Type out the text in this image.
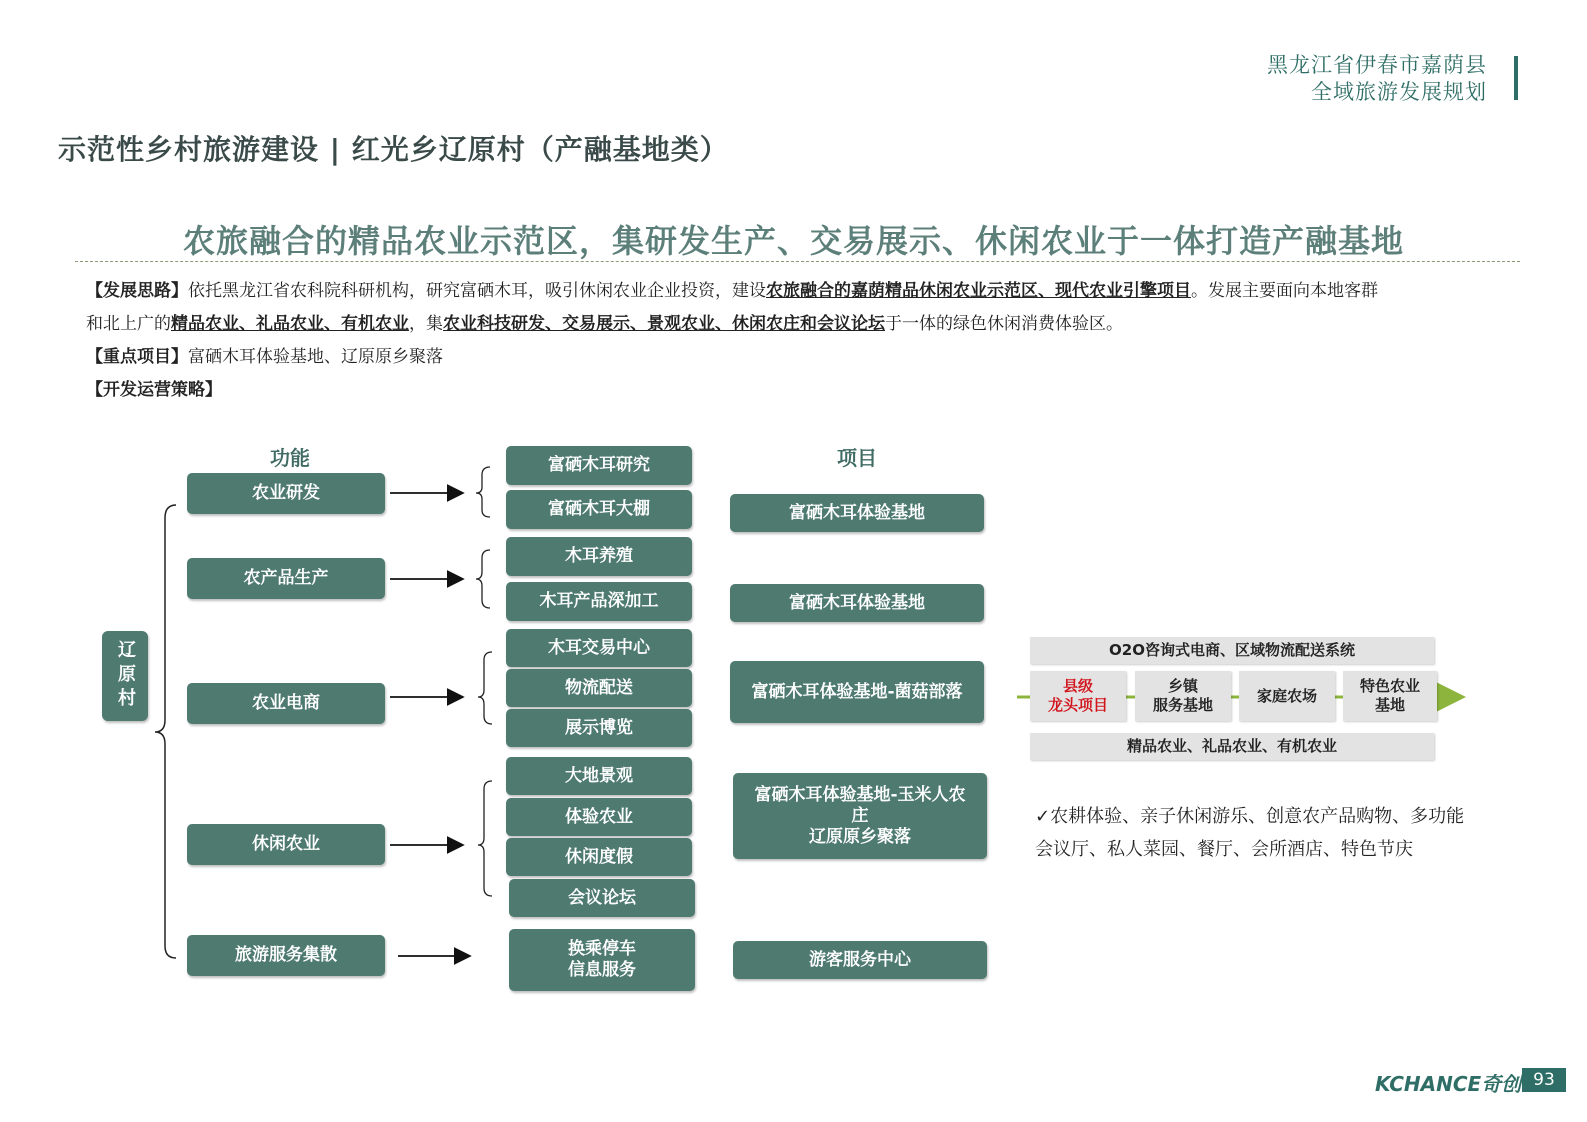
黑龙江省伊春市嘉荫县
全域旅游发展规划
示范性乡村旅游建设 | 红光乡辽原村（产融基地类）
农旅融合的精品农业示范区，集研发生产、交易展示、休闲农业于一体打造产融基地
【发展思路】依托黑龙江省农科院科研机构，研究富硒木耳，吸引休闲农业企业投资，建设农旅融合的嘉荫精品休闲农业示范区、现代农业引擎项目。发展主要面向本地客群
和北上广的精品农业、礼品农业、有机农业，集农业科技研发、交易展示、景观农业、休闲农庄和会议论坛于一体的绿色休闲消费体验区。
【重点项目】富硒木耳体验基地、辽原原乡聚落
【开发运营策略】
功能	项目
辽原村
农业研发
农产品生产
农业电商
休闲农业
旅游服务集散
富硒木耳研究
富硒木耳大棚
木耳养殖
木耳产品深加工
木耳交易中心
物流配送
展示博览
大地景观
体验农业
休闲度假
会议论坛
换乘停车
信息服务
富硒木耳体验基地
富硒木耳体验基地
富硒木耳体验基地-菌菇部落
富硒木耳体验基地-玉米人农庄
辽原原乡聚落
游客服务中心
O2O咨询式电商、区域物流配送系统
县级
龙头项目
乡镇
服务基地
家庭农场
特色农业
基地
精品农业、礼品农业、有机农业
✓农耕体验、亲子休闲游乐、创意农产品购物、多功能
会议厅、私人菜园、餐厅、会所酒店、特色节庆
KCHANCE奇创 93
